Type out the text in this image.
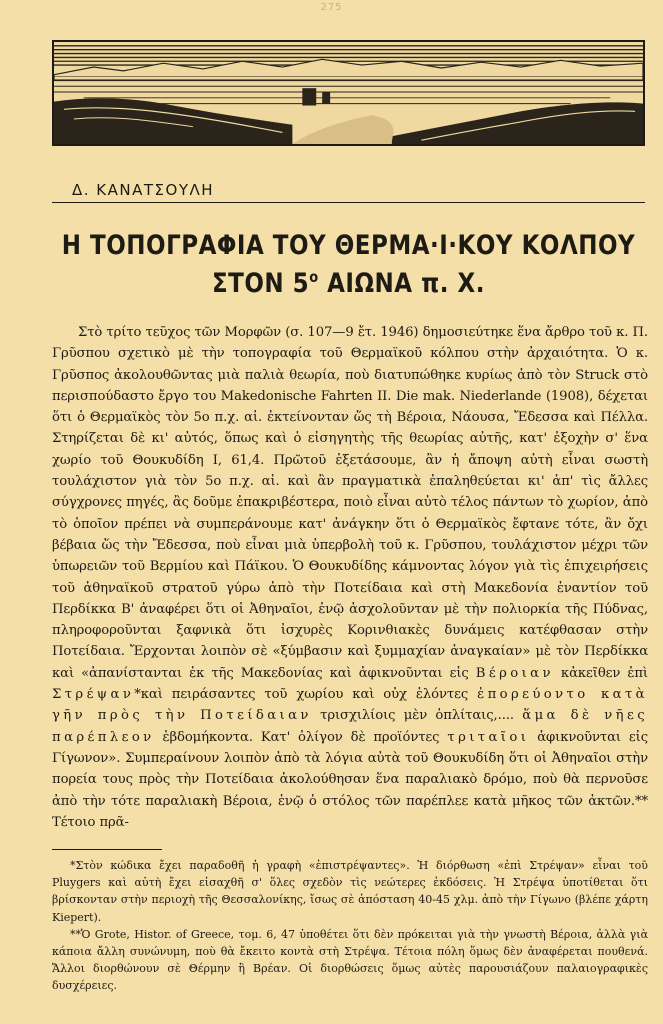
275
Δ. ΚΑΝΑΤΣΟΥΛΗ
Η ΤΟΠΟΓΡΑΦΙΑ ΤΟΥ ΘΕΡΜΑ·Ι·ΚΟΥ ΚΟΛΠΟΥ
ΣΤΟΝ $5^o$ ΑΙΩΝΑ π. Χ.

Στὸ τρίτο τεῦχος τῶν Μορφῶν (σ. 107—9 ἔτ. 1946) δημοσιεύτηκε ἕνα ἄρθρο τοῦ κ. Π. Γρῦσπου σχετικὸ μὲ τὴν τοπογραφία τοῦ Θερμαϊκοῦ κόλπου στὴν ἀρχαιότητα. Ὁ κ. Γρῦσπος ἀκολουθῶντας μιὰ παλιὰ θεωρία, ποὺ διατυπώθηκε κυρίως ἀπὸ τὸν Struck στὸ περισπούδαστο ἔργο του Makedonische Fahrten II. Die mak. Niederlande (1908), δέχεται ὅτι ὁ Θερμαϊκὸς τὸν 5ο π.χ. αἰ. ἐκτείνονταν ὥς τὴ Βέροια, Νάουσα, Ἔδεσσα καὶ Πέλλα. Στηρίζεται δὲ κι' αὐτός, ὅπως καὶ ὁ εἰσηγητὴς τῆς θεωρίας αὐτῆς, κατ' ἐξοχὴν σ' ἕνα χωρίο τοῦ Θουκυδίδη Ι, 61,4. Πρῶτοῦ ἐξετάσουμε, ἂν ἡ ἄποψη αὐτὴ εἶναι σωστὴ τουλάχιστον γιὰ τὸν 5ο π.χ. αἰ. καὶ ἂν πραγματικὰ ἐπαληθεύεται κι' ἀπ' τὶς ἄλλες σύγχρονες πηγές, ἂς δοῦμε ἐπακριβέστερα, ποιὸ εἶναι αὐτὸ τέλος πάντων τὸ χωρίον, ἀπὸ τὸ ὁποῖον πρέπει νὰ συμπεράνουμε κατ' ἀνάγκην ὅτι ὁ Θερμαϊκὸς ἔφτανε τότε, ἂν ὄχι βέβαια ὥς τὴν Ἔδεσσα, ποὺ εἶναι μιὰ ὑπερβολὴ τοῦ κ. Γρῦσπου, τουλάχιστον μέχρι τῶν ὑπωρειῶν τοῦ Βερμίου καὶ Πάϊκου. Ὁ Θουκυδίδης κάμνοντας λόγον γιὰ τὶς ἐπιχειρήσεις τοῦ ἀθηναϊκοῦ στρατοῦ γύρω ἀπὸ τὴν Ποτείδαια καὶ στὴ Μακεδονία ἐναντίον τοῦ Περδίκκα Β' ἀναφέρει ὅτι οἱ Ἀθηναῖοι, ἐνῷ ἀσχολοῦνταν μὲ τὴν πολιορκία τῆς Πύδνας, πληροφοροῦνται ξαφνικὰ ὅτι ἰσχυρὲς Κορινθιακὲς δυνάμεις κατέφθασαν στὴν Ποτείδαια. Ἔρχονται λοιπὸν σὲ «ξύμβασιν καὶ ξυμμαχίαν ἀναγκαίαν» μὲ τὸν Περδίκκα καὶ «ἀπανίστανται ἐκ τῆς Μακεδονίας καὶ ἀφικνοῦνται εἰς Βέροιαν κἀκεῖθεν ἐπὶ Στρέψαν*καὶ πειράσαντες τοῦ χωρίου καὶ οὐχ ἑλόντες ἐπορεύοντο κατὰ γῆν πρὸς τὴν Ποτείδαιαν τρισχιλίοις μὲν ὁπλίταις,.... ἅμα δὲ νῆες παρέπλεον ἑβδομήκοντα. Κατ' ὀλίγον δὲ προϊόντες τριταῖοι ἀφικνοῦνται εἰς Γίγωνον». Συμπεραίνουν λοιπὸν ἀπὸ τὰ λόγια αὐτὰ τοῦ Θουκυδίδη ὅτι οἱ Ἀθηναῖοι στὴν πορεία τους πρὸς τὴν Ποτείδαια ἀκολούθησαν ἕνα παραλιακὸ δρόμο, ποὺ θὰ περνοῦσε ἀπὸ τὴν τότε παραλιακὴ Βέροια, ἐνῷ ὁ στόλος τῶν παρέπλεε κατὰ μῆκος τῶν ἀκτῶν.** Τέτοιο πρᾶ-

*Στὸν κώδικα ἔχει παραδοθῆ ἡ γραφὴ «ἐπιστρέψαντες». Ἡ διόρθωση «ἐπὶ Στρέψαν» εἶναι τοῦ Pluygers καὶ αὐτὴ ἔχει εἰσαχθῆ σ' ὅλες σχεδὸν τὶς νεώτερες ἐκδόσεις. Ἡ Στρέψα ὑποτίθεται ὅτι βρίσκονταν στὴν περιοχὴ τῆς Θεσσαλονίκης, ἴσως σὲ ἀπόσταση 40-45 χλμ. ἀπὸ τὴν Γίγωνο (βλέπε χάρτη Kiepert).

**Ὁ Grote, Histor. of Greece, τομ. 6, 47 ὑποθέτει ὅτι δὲν πρόκειται γιὰ τὴν γνωστὴ Βέροια, ἀλλὰ γιὰ κάποια ἄλλη συνώνυμη, ποὺ θὰ ἔκειτο κοντὰ στὴ Στρέψα. Τέτοια πόλη ὅμως δὲν ἀναφέρεται πουθενά. Ἄλλοι διορθώνουν σὲ Θέρμην ἢ Βρέαν. Οἱ διορθώσεις ὅμως αὐτὲς παρουσιάζουν παλαιογραφικὲς δυσχέρειες.
